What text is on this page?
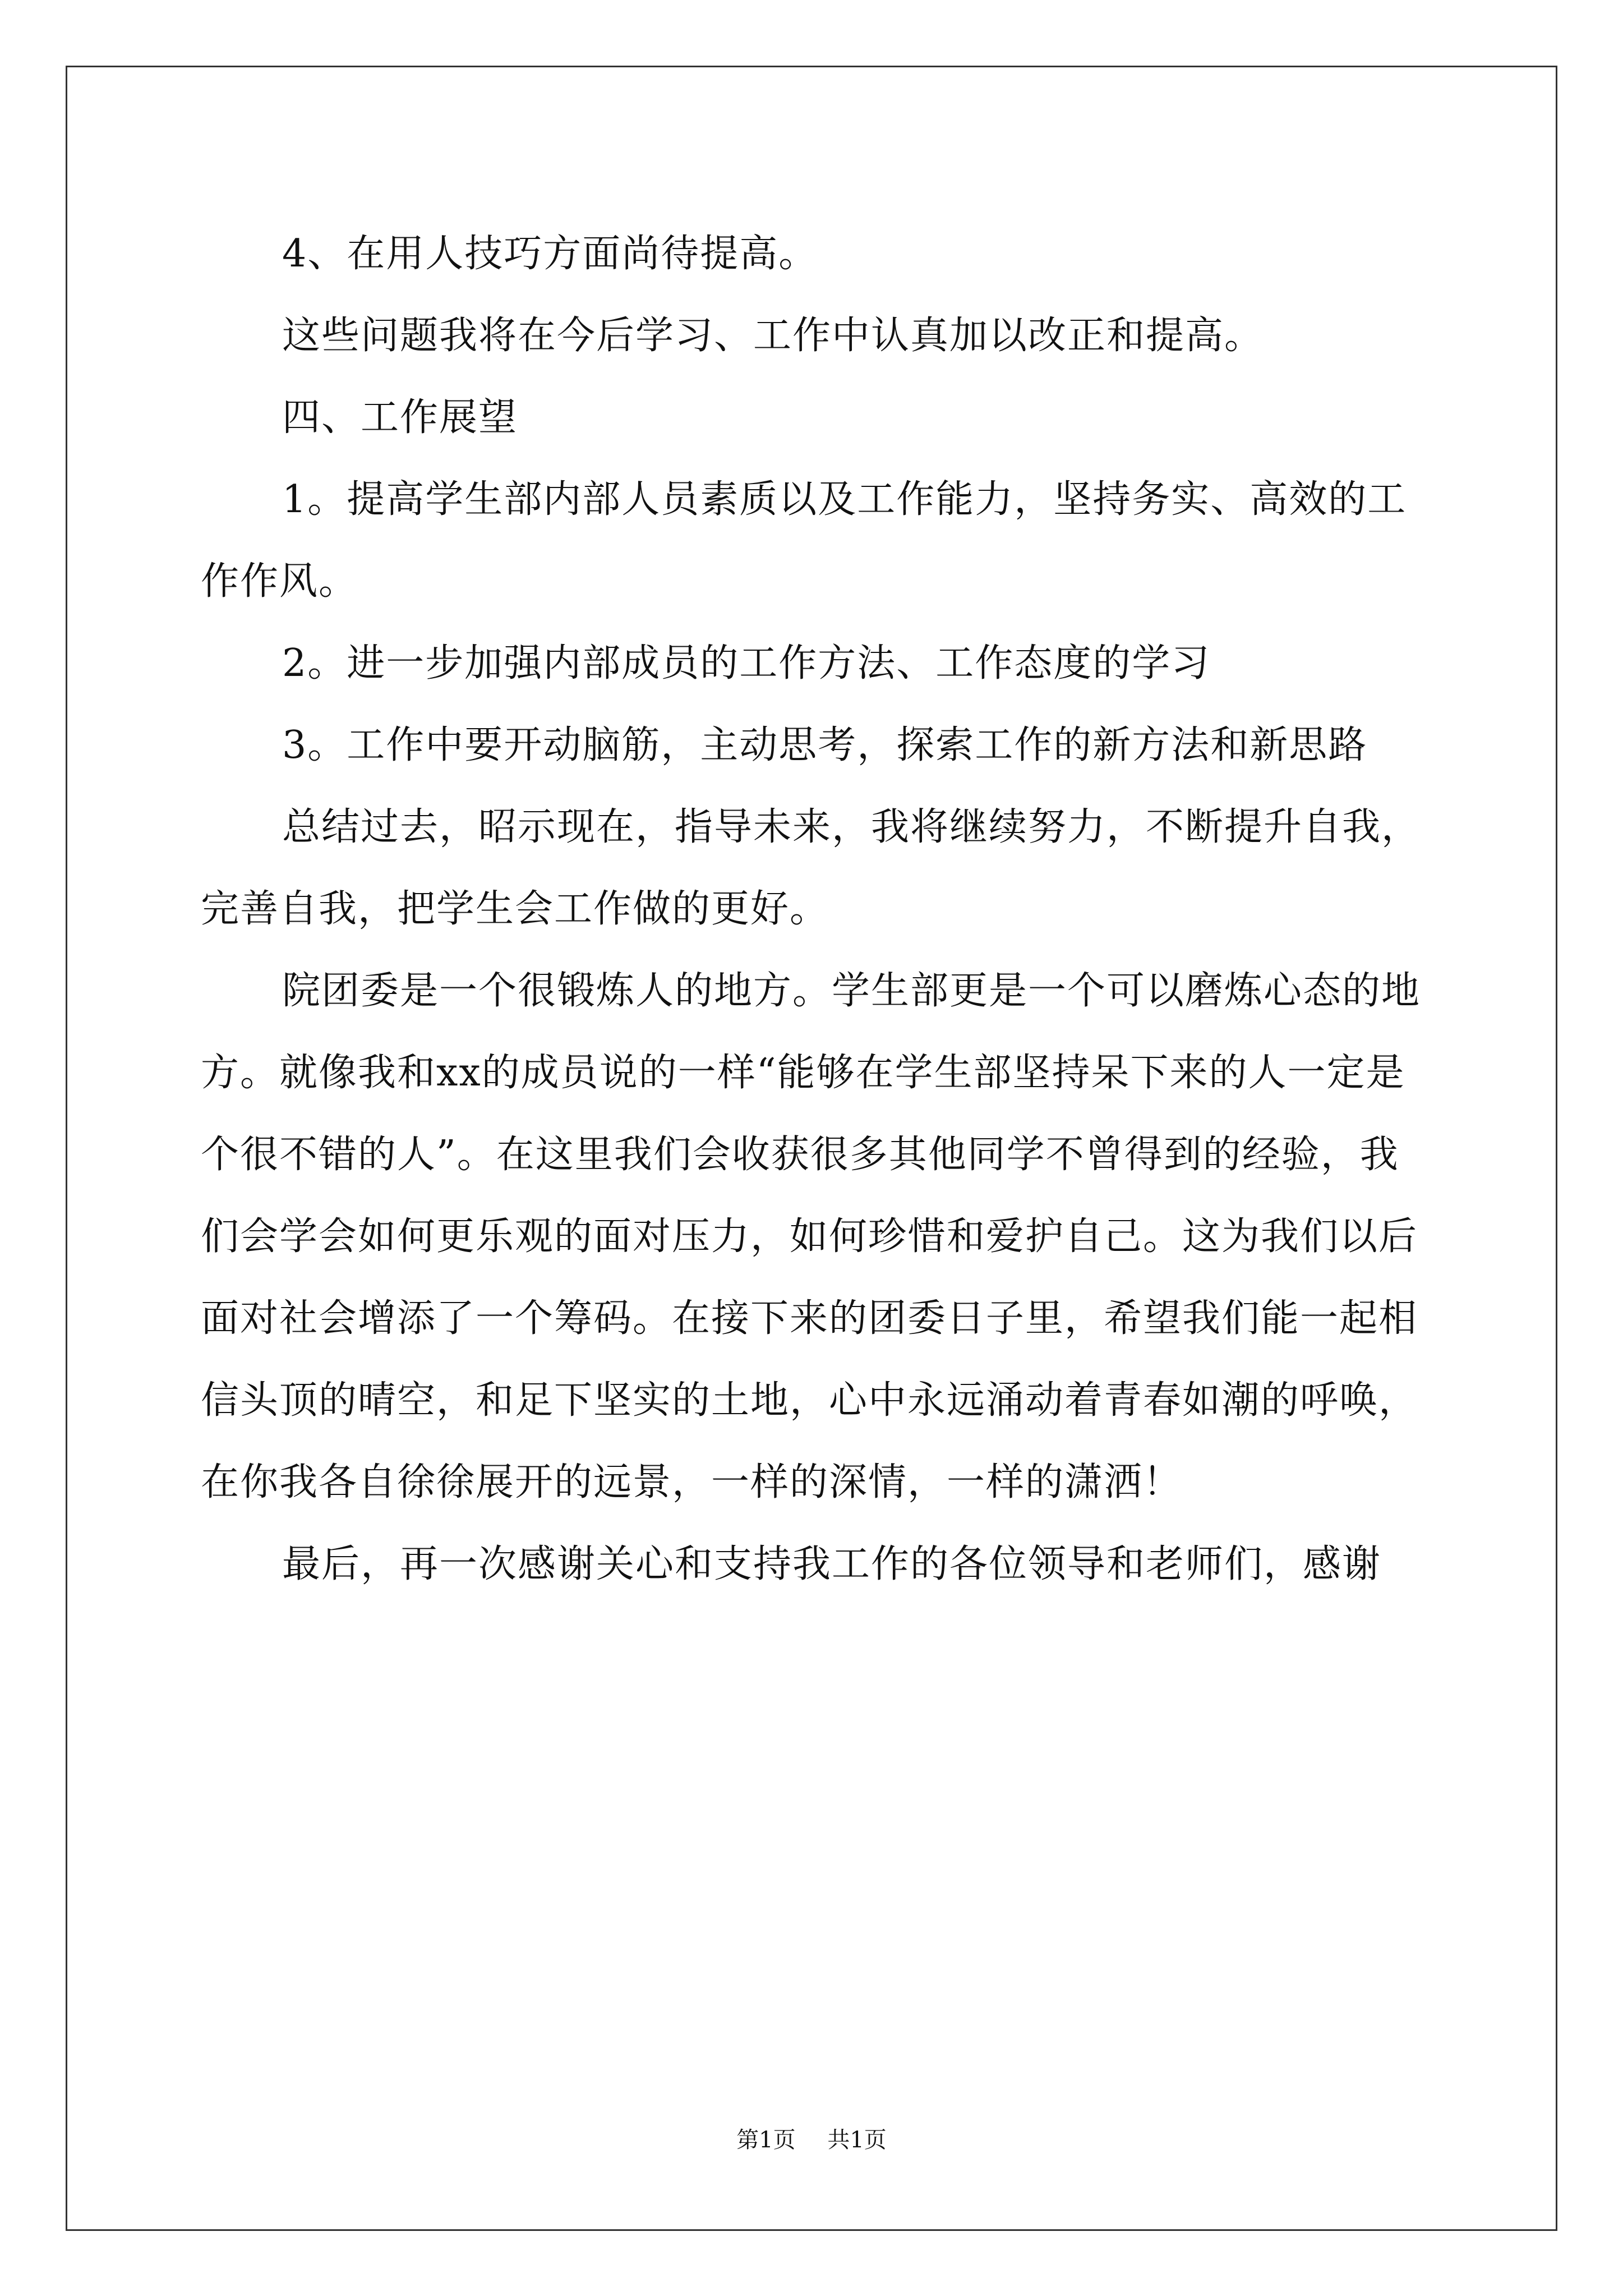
4、在用人技巧方面尚待提高。

这些问题我将在今后学习、工作中认真加以改正和提高。

四、工作展望

1。提高学生部内部人员素质以及工作能力，坚持务实、高效的工作作风。

2。进一步加强内部成员的工作方法、工作态度的学习

3。工作中要开动脑筋，主动思考，探索工作的新方法和新思路

总结过去，昭示现在，指导未来，我将继续努力，不断提升自我，完善自我，把学生会工作做的更好。

院团委是一个很锻炼人的地方。学生部更是一个可以磨炼心态的地方。就像我和xx的成员说的一样“能够在学生部坚持呆下来的人一定是个很不错的人”。在这里我们会收获很多其他同学不曾得到的经验，我们会学会如何更乐观的面对压力，如何珍惜和爱护自己。这为我们以后面对社会增添了一个筹码。在接下来的团委日子里，希望我们能一起相信头顶的晴空，和足下坚实的土地，心中永远涌动着青春如潮的呼唤，在你我各自徐徐展开的远景，一样的深情，一样的潇洒！

最后，再一次感谢关心和支持我工作的各位领导和老师们，感谢

第1页 共1页
